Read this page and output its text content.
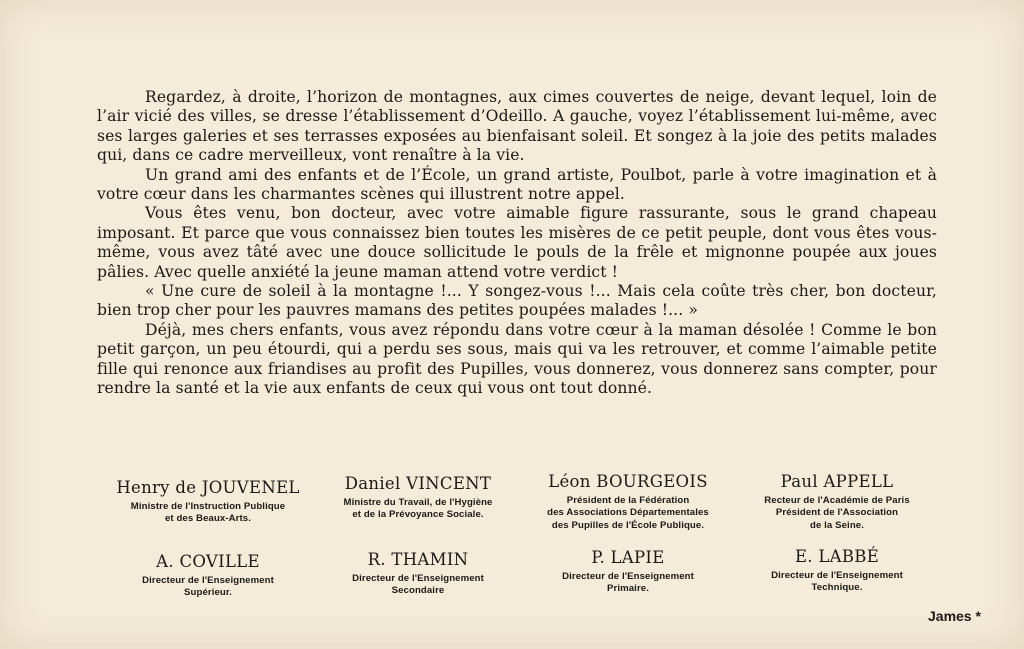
Regardez, à droite, l’horizon de montagnes, aux cimes couvertes de neige, devant lequel, loin de l’air vicié des villes, se dresse l’établissement d’Odeillo. A gauche, voyez l’établissement lui-même, avec ses larges galeries et ses terrasses exposées au bienfaisant soleil. Et songez à la joie des petits malades qui, dans ce cadre merveilleux, vont renaître à la vie.

Un grand ami des enfants et de l’École, un grand artiste, Poulbot, parle à votre imagination et à votre cœur dans les charmantes scènes qui illustrent notre appel.

Vous êtes venu, bon docteur, avec votre aimable figure rassurante, sous le grand chapeau imposant. Et parce que vous connaissez bien toutes les misères de ce petit peuple, dont vous êtes vous-même, vous avez tâté avec une douce sollicitude le pouls de la frêle et mignonne poupée aux joues pâlies. Avec quelle anxiété la jeune maman attend votre verdict !

« Une cure de soleil à la montagne !... Y songez-vous !... Mais cela coûte très cher, bon docteur, bien trop cher pour les pauvres mamans des petites poupées malades !... »

Déjà, mes chers enfants, vous avez répondu dans votre cœur à la maman désolée ! Comme le bon petit garçon, un peu étourdi, qui a perdu ses sous, mais qui va les retrouver, et comme l’aimable petite fille qui renonce aux friandises au profit des Pupilles, vous donnerez, vous donnerez sans compter, pour rendre la santé et la vie aux enfants de ceux qui vous ont tout donné.

Henry de JOUVENEL
Ministre de l'Instruction Publique
et des Beaux-Arts.
Daniel VINCENT
Ministre du Travail, de l'Hygiène
et de la Prévoyance Sociale.
Léon BOURGEOIS
Président de la Fédération
des Associations Départementales
des Pupilles de l'École Publique.
Paul APPELL
Recteur de l'Académie de Paris
Président de l'Association
de la Seine.
A. COVILLE
Directeur de l'Enseignement
Supérieur.
R. THAMIN
Directeur de l'Enseignement
Secondaire
P. LAPIE
Directeur de l'Enseignement
Primaire.
E. LABBÉ
Directeur de l'Enseignement
Technique.
James *
